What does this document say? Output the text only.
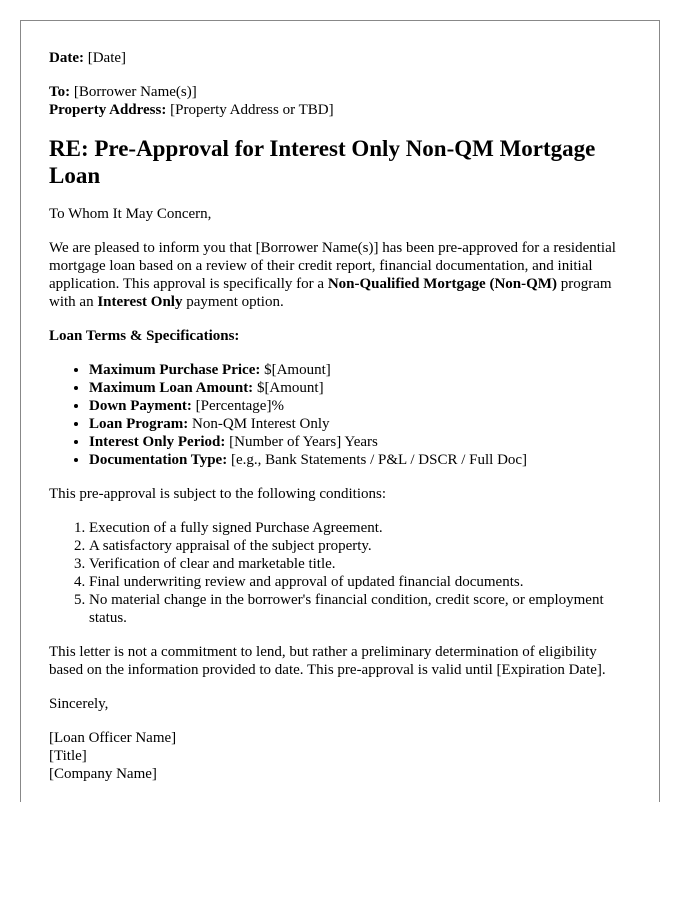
Date: [Date]

To: [Borrower Name(s)]

Property Address: [Property Address or TBD]

RE: Pre-Approval for Interest Only Non-QM Mortgage Loan

To Whom It May Concern,

We are pleased to inform you that [Borrower Name(s)] has been pre-approved for a residential mortgage loan based on a review of their credit report, financial documentation, and initial application. This approval is specifically for a Non-Qualified Mortgage (Non-QM) program with an Interest Only payment option.

Loan Terms & Specifications:

• Maximum Purchase Price: $[Amount]
• Maximum Loan Amount: $[Amount]
• Down Payment: [Percentage]%
• Loan Program: Non-QM Interest Only
• Interest Only Period: [Number of Years] Years
• Documentation Type: [e.g., Bank Statements / P&L / DSCR / Full Doc]

This pre-approval is subject to the following conditions:

1. Execution of a fully signed Purchase Agreement.
2. A satisfactory appraisal of the subject property.
3. Verification of clear and marketable title.
4. Final underwriting review and approval of updated financial documents.
5. No material change in the borrower's financial condition, credit score, or employment status.

This letter is not a commitment to lend, but rather a preliminary determination of eligibility based on the information provided to date. This pre-approval is valid until [Expiration Date].

Sincerely,

[Loan Officer Name]

[Title]

[Company Name]
